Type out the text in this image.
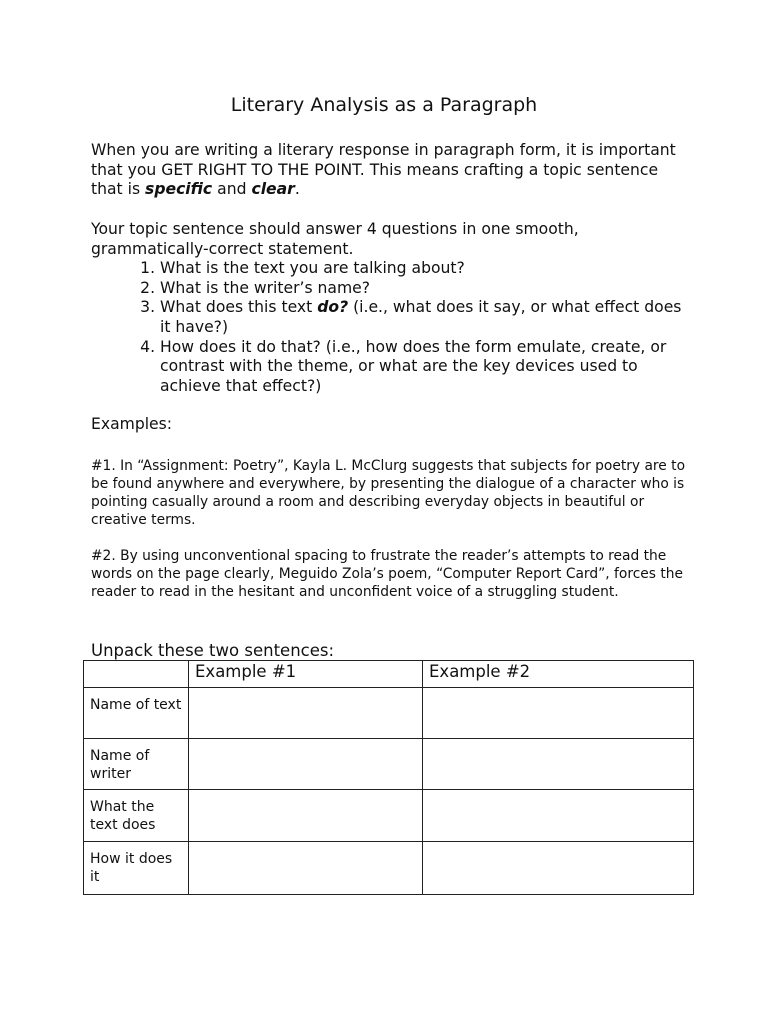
Literary Analysis as a Paragraph
When you are writing a literary response in paragraph form, it is important that you GET RIGHT TO THE POINT. This means crafting a topic sentence that is specific and clear.
Your topic sentence should answer 4 questions in one smooth, grammatically-correct statement.
1. What is the text you are talking about?
2. What is the writer’s name?
3. What does this text do? (i.e., what does it say, or what effect does it have?)
4. How does it do that? (i.e., how does the form emulate, create, or contrast with the theme, or what are the key devices used to achieve that effect?)
Examples:
#1. In “Assignment: Poetry”, Kayla L. McClurg suggests that subjects for poetry are to be found anywhere and everywhere, by presenting the dialogue of a character who is pointing casually around a room and describing everyday objects in beautiful or creative terms.
#2. By using unconventional spacing to frustrate the reader’s attempts to read the words on the page clearly, Meguido Zola’s poem, “Computer Report Card”, forces the reader to read in the hesitant and unconfident voice of a struggling student.
Unpack these two sentences:
	Example #1	Example #2
Name of text		
Name of writer		
What the text does		
How it does it		
